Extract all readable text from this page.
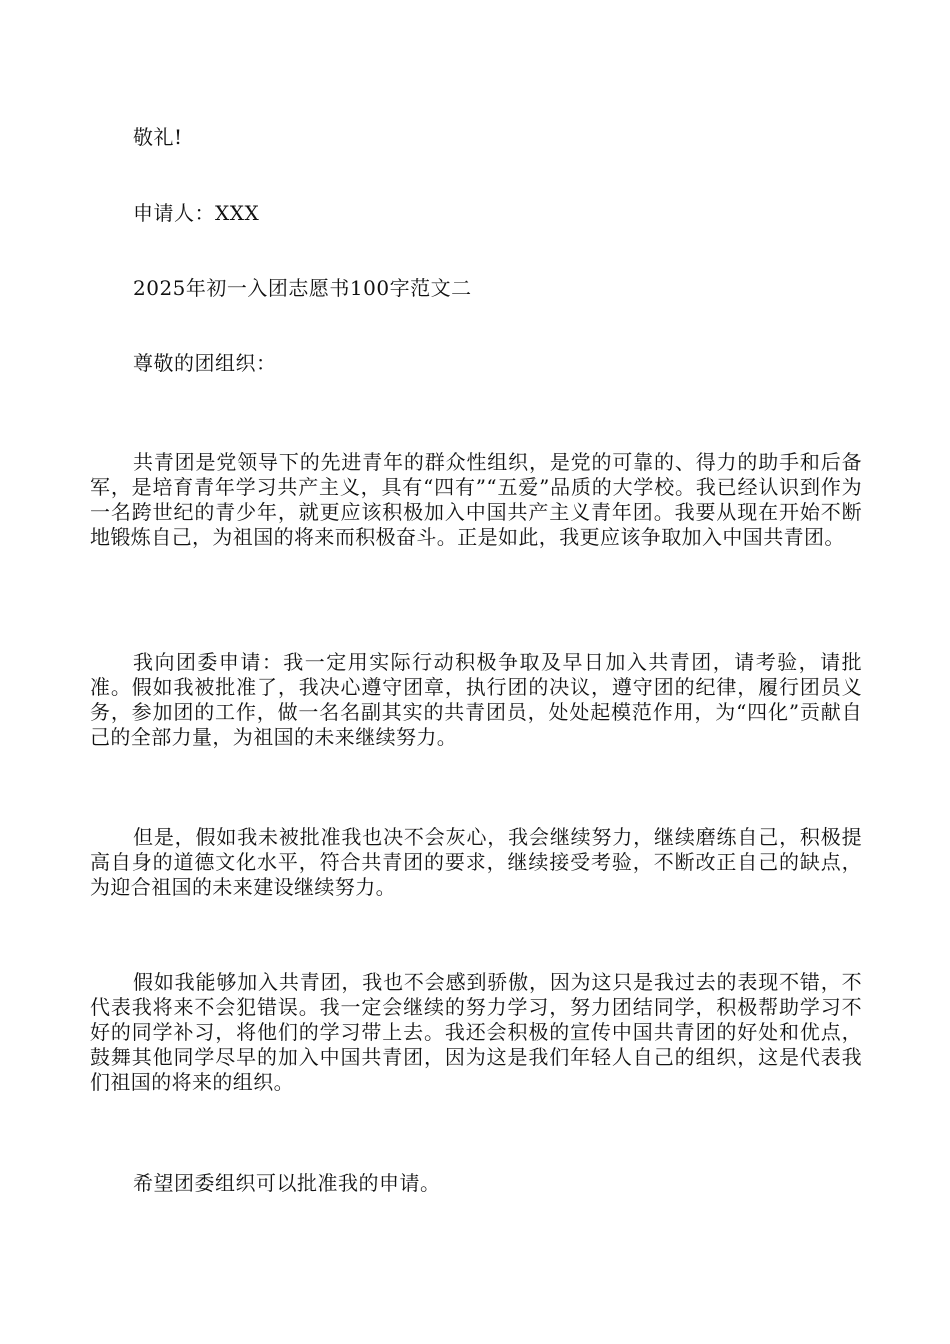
敬礼!
申请人：XXX
2025年初一入团志愿书100字范文二
尊敬的团组织：
共青团是党领导下的先进青年的群众性组织，是党的可靠的、得力的助手和后备军，是培育青年学习共产主义，具有“四有”“五爱”品质的大学校。我已经认识到作为一名跨世纪的青少年，就更应该积极加入中国共产主义青年团。我要从现在开始不断地锻炼自己，为祖国的将来而积极奋斗。正是如此，我更应该争取加入中国共青团。
我向团委申请：我一定用实际行动积极争取及早日加入共青团，请考验，请批准。假如我被批准了，我决心遵守团章，执行团的决议，遵守团的纪律，履行团员义务，参加团的工作，做一名名副其实的共青团员，处处起模范作用，为“四化”贡献自己的全部力量，为祖国的未来继续努力。
但是，假如我未被批准我也决不会灰心，我会继续努力，继续磨练自己，积极提高自身的道德文化水平，符合共青团的要求，继续接受考验，不断改正自己的缺点，为迎合祖国的未来建设继续努力。
假如我能够加入共青团，我也不会感到骄傲，因为这只是我过去的表现不错，不代表我将来不会犯错误。我一定会继续的努力学习，努力团结同学，积极帮助学习不好的同学补习，将他们的学习带上去。我还会积极的宣传中国共青团的好处和优点，鼓舞其他同学尽早的加入中国共青团，因为这是我们年轻人自己的组织，这是代表我们祖国的将来的组织。
希望团委组织可以批准我的申请。
